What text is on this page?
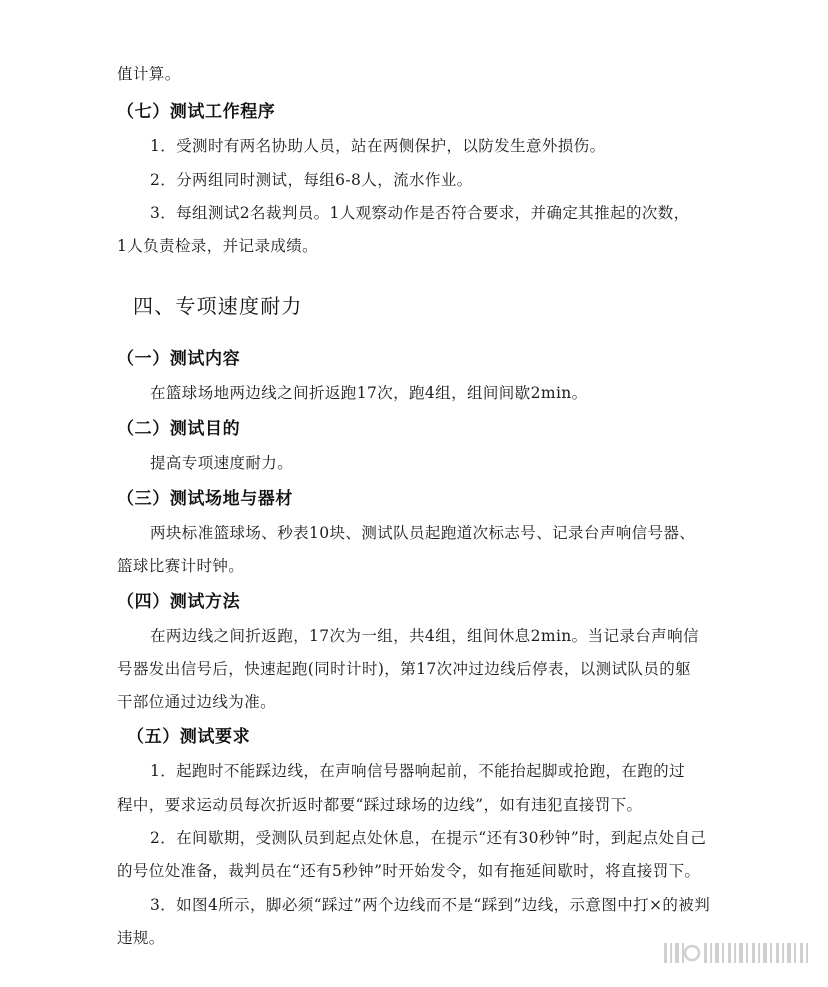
值计算。
（七）测试工作程序
1．受测时有两名协助人员，站在两侧保护，以防发生意外损伤。
2．分两组同时测试，每组6-8人，流水作业。
3．每组测试2名裁判员。1人观察动作是否符合要求，并确定其推起的次数，
1人负责检录，并记录成绩。
四、专项速度耐力
（一）测试内容
在篮球场地两边线之间折返跑17次，跑4组，组间间歇2min。
（二）测试目的
提高专项速度耐力。
（三）测试场地与器材
两块标准篮球场、秒表10块、测试队员起跑道次标志号、记录台声响信号器、
篮球比赛计时钟。
（四）测试方法
在两边线之间折返跑，17次为一组，共4组，组间休息2min。当记录台声响信
号器发出信号后，快速起跑(同时计时)，第17次冲过边线后停表，以测试队员的躯
干部位通过边线为准。
（五）测试要求
1．起跑时不能踩边线，在声响信号器响起前，不能抬起脚或抢跑，在跑的过
程中，要求运动员每次折返时都要“踩过球场的边线”，如有违犯直接罚下。
2．在间歇期，受测队员到起点处休息，在提示“还有30秒钟”时，到起点处自己
的号位处准备，裁判员在“还有5秒钟”时开始发令，如有拖延间歇时，将直接罚下。
3．如图4所示，脚必须“踩过”两个边线而不是“踩到”边线，示意图中打×的被判
违规。
